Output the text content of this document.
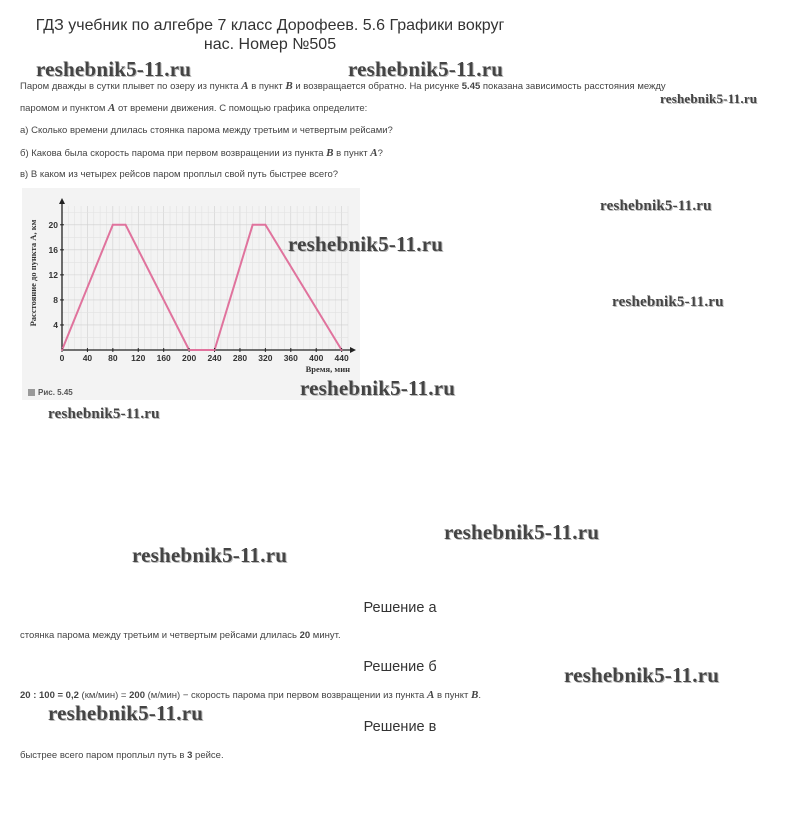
ГДЗ учебник по алгебре 7 класс Дорофеев. 5.6 Графики вокруг
нас. Номер №505

Паром дважды в сутки плывет по озеру из пункта A в пункт B и возвращается обратно. На рисунке 5.45 показана зависимость расстояния между

паромом и пунктом A от времени движения. С помощью графика определите:

а) Сколько времени длилась стоянка парома между третьим и четвертым рейсами?

б) Какова была скорость парома при первом возвращении из пункта B в пункт A?

в) В каком из четырех рейсов паром проплыл свой путь быстрее всего?

0 40 80 120 160 200 240 280 320 360 400 440
4
8
12
16
20
Время, мин
Расстояние до пункта A, км
Рис. 5.45
reshebnik5-11.ru	reshebnik5-11.ru
reshebnik5-11.ru
reshebnik5-11.ru
reshebnik5-11.ru
reshebnik5-11.ru
reshebnik5-11.ru
reshebnik5-11.ru
reshebnik5-11.ru
reshebnik5-11.ru
reshebnik5-11.ru
reshebnik5-11.ru
Решение а

стоянка парома между третьим и четвертым рейсами длилась 20 минут.

Решение б

20 : 100 = 0,2 (км/мин) = 200 (м/мин) − скорость парома при первом возвращении из пункта A в пункт B.

Решение в

быстрее всего паром проплыл путь в 3 рейсе.
